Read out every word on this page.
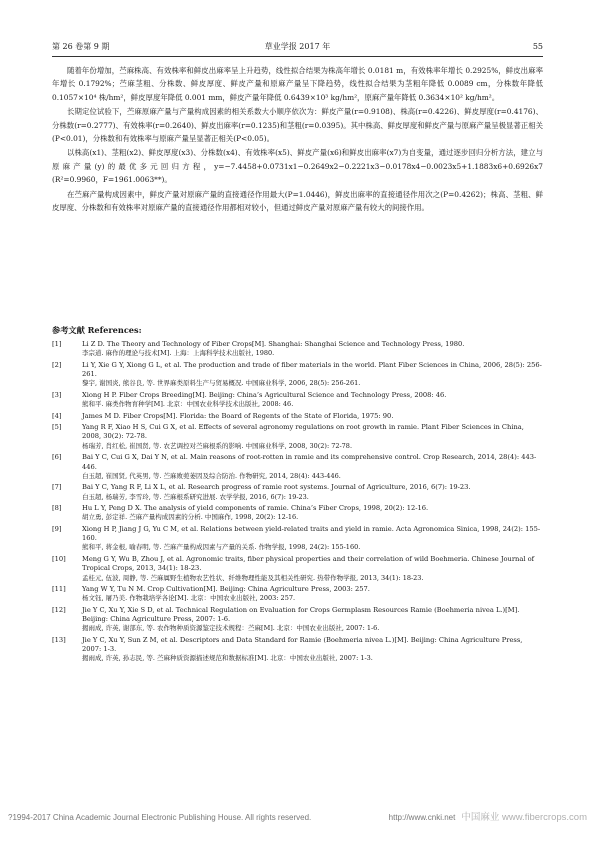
第 26 卷第 9 期	草业学报 2017 年	55

随着年份增加，苎麻株高、有效株率和鲜皮出麻率呈上升趋势，线性拟合结果为株高年增长 0.0181 m，有效株率年增长 0.2925%，鲜皮出麻率年增长 0.1792%；苎麻茎粗、分株数、鲜皮厚度、鲜皮产量和原麻产量呈下降趋势，线性拟合结果为茎粗年降低 0.0089 cm，分株数年降低 0.1057×10⁴ 株/hm²，鲜皮厚度年降低 0.001 mm，鲜皮产量年降低 0.6439×10³ kg/hm²，原麻产量年降低 0.3634×10² kg/hm²。

长期定位试验下，苎麻原麻产量与产量构成因素的相关系数大小顺序依次为：鲜皮产量(r=0.9108)、株高(r=0.4226)、鲜皮厚度(r=0.4176)、分株数(r=0.2777)、有效株率(r=0.2640)、鲜皮出麻率(r=0.1235)和茎粗(r=0.0395)。其中株高、鲜皮厚度和鲜皮产量与原麻产量呈极显著正相关(P<0.01)，分株数和有效株率与原麻产量呈显著正相关(P<0.05)。

以株高(x1)、茎粗(x2)、鲜皮厚度(x3)、分株数(x4)、有效株率(x5)、鲜皮产量(x6)和鲜皮出麻率(x7)为自变量，通过逐步回归分析方法，建立与原麻产量(y)的最优多元回归方程，y=−7.4458+0.0731x1−0.2649x2−0.2221x3−0.0178x4−0.0023x5+1.1883x6+0.6926x7 (R²=0.9960，F=1961.0063**)。

在苎麻产量构成因素中，鲜皮产量对原麻产量的直接通径作用最大(P=1.0446)，鲜皮出麻率的直接通径作用次之(P=0.4262)；株高、茎粗、鲜皮厚度、分株数和有效株率对原麻产量的直接通径作用都相对较小，但通过鲜皮产量对原麻产量有较大的间接作用。

参考文献 References:
[1]	Li Z D. The Theory and Technology of Fiber Crops[M]. Shanghai: Shanghai Science and Technology Press, 1980.
李宗道. 麻作的理论与技术[M]. 上海：上海科学技术出版社, 1980.
[2]	Li Y, Xie G Y, Xiong G L, et al. The production and trade of fiber materials in the world. Plant Fiber Sciences in China, 2006, 28(5): 256-261.
黎宇, 谢国炎, 熊谷良, 等. 世界麻类原料生产与贸易概况. 中国麻业科学, 2006, 28(5): 256-261.
[3]	Xiong H P. Fiber Crops Breeding[M]. Beijing: China’s Agricultural Science and Technology Press, 2008: 46.
熊和平. 麻类作物育种学[M]. 北京：中国农业科学技术出版社, 2008: 46.
[4]	James M D. Fiber Crops[M]. Florida: the Board of Regents of the State of Florida, 1975: 90.
[5]	Yang R F, Xiao H S, Cui G X, et al. Effects of several agronomy regulations on root growth in ramie. Plant Fiber Sciences in China, 2008, 30(2): 72-78.
杨瑞芳, 肖红松, 崔国贤, 等. 农艺调控对苎麻根系的影响. 中国麻业科学, 2008, 30(2): 72-78.
[6]	Bai Y C, Cui G X, Dai Y N, et al. Main reasons of root-rotten in ramie and its comprehensive control. Crop Research, 2014, 28(4): 443-446.
白玉超, 崔国贤, 代英男, 等. 苎麻败蔸萎因及综合防治. 作物研究, 2014, 28(4): 443-446.
[7]	Bai Y C, Yang R F, Li X L, et al. Research progress of ramie root systems. Journal of Agriculture, 2016, 6(7): 19-23.
白玉超, 杨瑞芳, 李雪玲, 等. 苎麻根系研究进展. 农学学报, 2016, 6(7): 19-23.
[8]	Hu L Y, Peng D X. The analysis of yield components of ramie. China’s Fiber Crops, 1998, 20(2): 12-16.
胡立勇, 彭定祥. 苎麻产量构成因素的分析. 中国麻作, 1998, 20(2): 12-16.
[9]	Xiong H P, Jiang J G, Yu C M, et al. Relations between yield-related traits and yield in ramie. Acta Agronomica Sinica, 1998, 24(2): 155-160.
熊和平, 蒋金根, 喻春明, 等. 苎麻产量构成因素与产量的关系. 作物学报, 1998, 24(2): 155-160.
[10] Meng G Y, Wu B, Zhou J, et al. Agronomic traits, fiber physical properties and their correlation of wild Boehmeria. Chinese Journal of Tropical Crops, 2013, 34(1): 18-23.
孟桂元, 伍波, 周静, 等. 苎麻属野生植物农艺性状、纤维物理性能及其相关性研究. 热带作物学报, 2013, 34(1): 18-23.
[11] Yang W Y, Tu N M. Crop Cultivation[M]. Beijing: China Agriculture Press, 2003: 257.
杨文钰, 屠乃美. 作物栽培学各论[M]. 北京：中国农业出版社, 2003: 257.
[12] Jie Y C, Xu Y, Xie S D, et al. Technical Regulation on Evaluation for Crops Germplasm Resources Ramie (Boehmeria nivea L.)[M]. Beijing: China Agriculture Press, 2007: 1-6.
揭雨成, 许英, 谢部东, 等. 农作物种质资源鉴定技术规程：苎麻[M]. 北京：中国农业出版社, 2007: 1-6.
[13] Jie Y C, Xu Y, Sun Z M, et al. Descriptors and Data Standard for Ramie (Boehmeria nivea L.)[M]. Beijing: China Agriculture Press, 2007: 1-3.
揭雨成, 许英, 孙志民, 等. 苎麻种质资源描述规范和数据标准[M]. 北京：中国农业出版社, 2007: 1-3.
?1994-2017 China Academic Journal Electronic Publishing House. All rights reserved.	http://www.cnki.net 中国麻业 www.fibercrops.com
